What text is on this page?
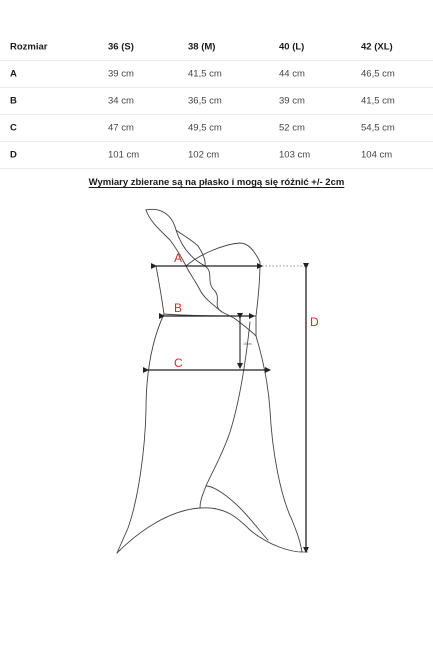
Rozmiar	36 (S)	38 (M)	40 (L)	42 (XL)
A	39 cm	41,5 cm	44 cm	46,5 cm
B	34 cm	36,5 cm	39 cm	41,5 cm
C	47 cm	49,5 cm	52 cm	54,5 cm
D	101 cm	102 cm	103 cm	104 cm
Wymiary zbierane są na płasko i mogą się różnić +/- 2cm
A
B
15cm
C
D
